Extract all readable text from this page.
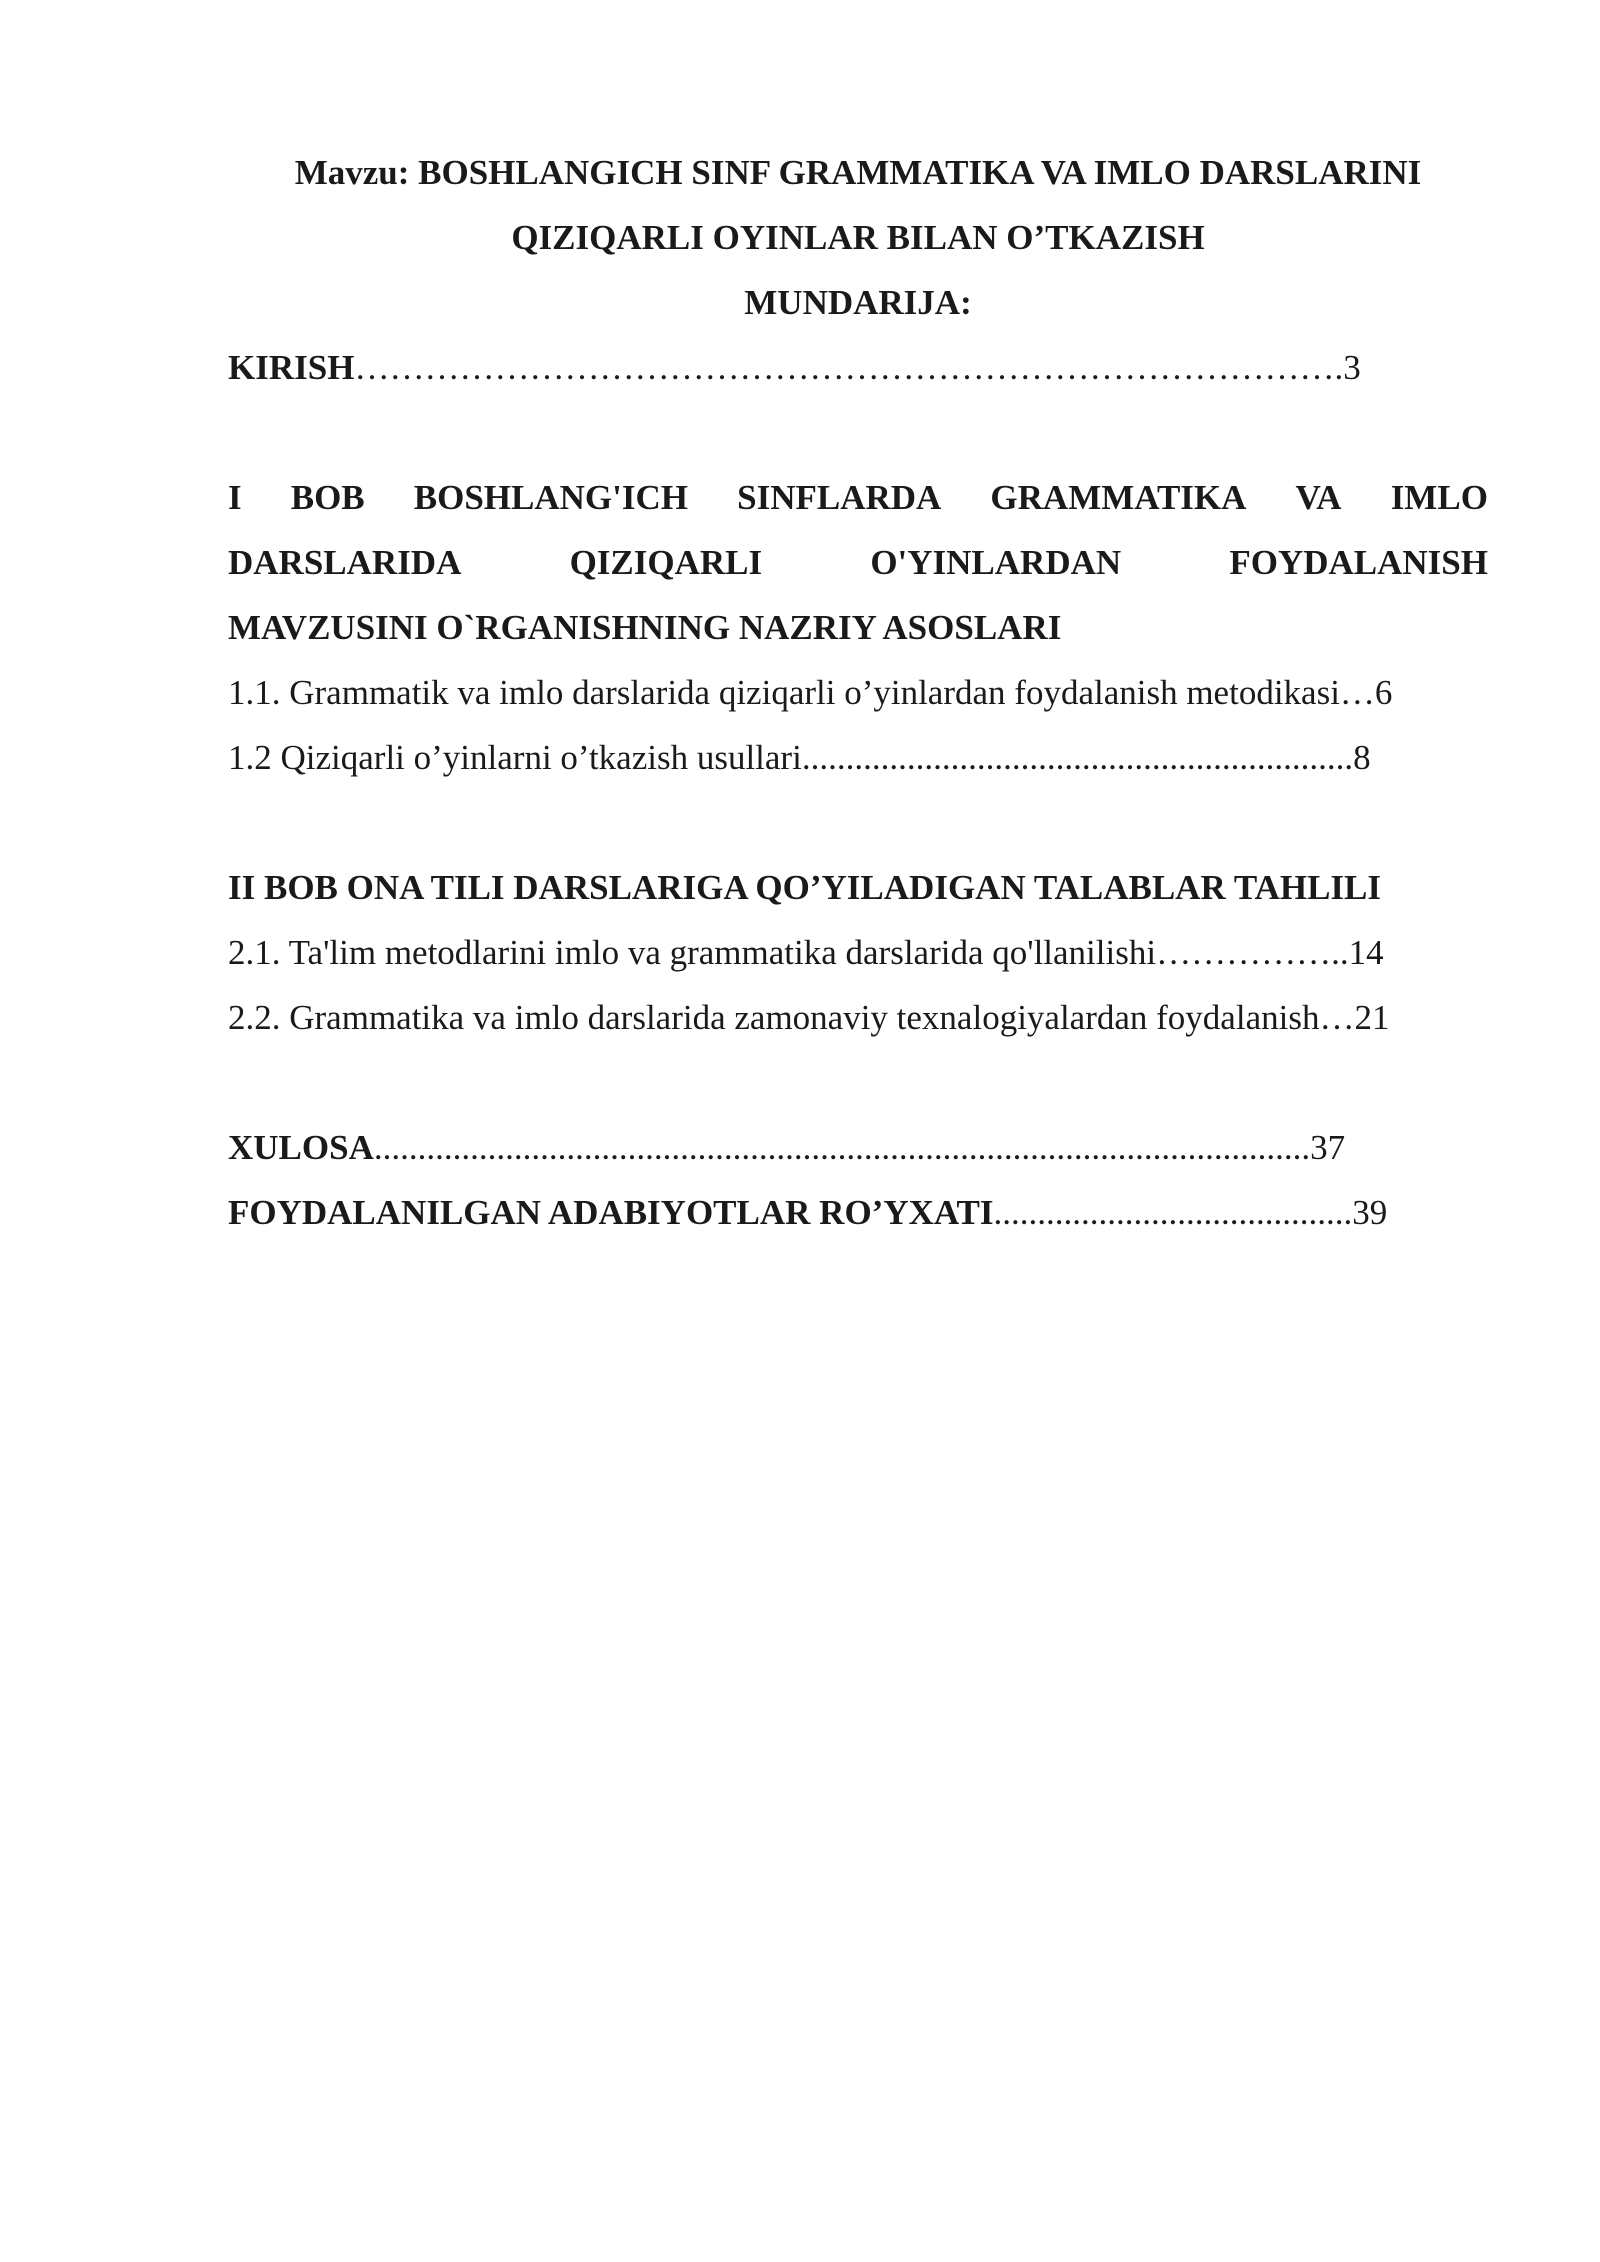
Mavzu: BOSHLANGICH SINF GRAMMATIKA VA IMLO DARSLARINI
QIZIQARLI OYINLAR BILAN O’TKAZISH
MUNDARIJA:
KIRISH………………………………………………………………………….3
I BOB BOSHLANG'ICH SINFLARDA GRAMMATIKA VA IMLO
DARSLARIDA	QIZIQARLI	O'YINLARDAN	FOYDALANISH
MAVZUSINI O`RGANISHNING NAZRIY ASOSLARI
1.1. Grammatik va imlo darslarida qiziqarli o’yinlardan foydalanish metodikasi…6
1.2 Qiziqarli o’yinlarni o’tkazish usullari...............................................................8
II BOB ONA TILI DARSLARIGA QO’YILADIGAN TALABLAR TAHLILI
2.1. Ta'lim metodlarini imlo va grammatika darslarida qo'llanilishi……………..14
2.2. Grammatika va imlo darslarida zamonaviy texnalogiyalardan foydalanish…21
XULOSA...........................................................................................................37
FOYDALANILGAN ADABIYOTLAR RO’YXATI.........................................39
